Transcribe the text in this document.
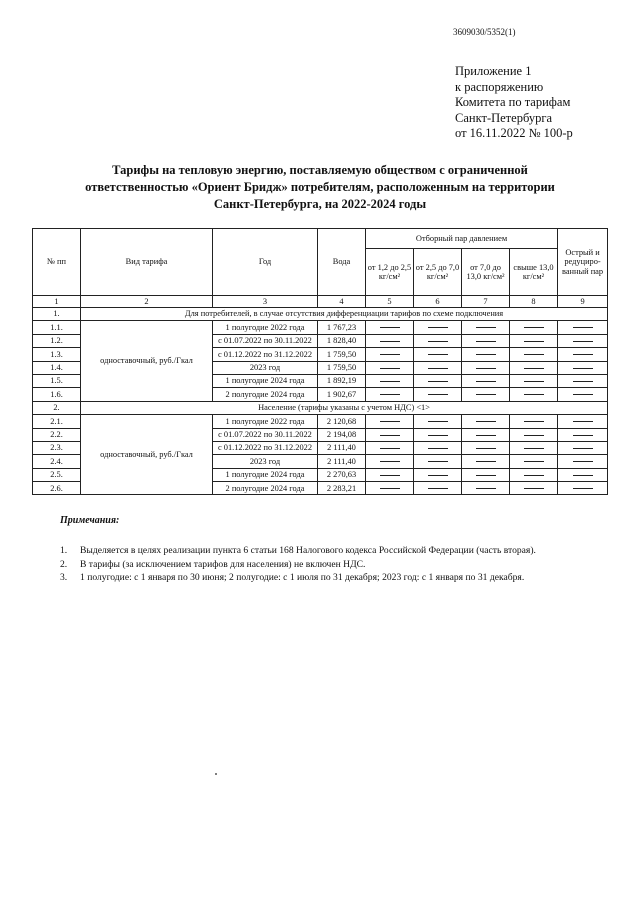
3609030/5352(1)
Приложение 1
к распоряжению
Комитета по тарифам
Санкт-Петербурга
от 16.11.2022 № 100-р
Тарифы на тепловую энергию, поставляемую обществом с ограниченной
ответственностью «Ориент Бридж» потребителям, расположенным на территории
Санкт-Петербурга, на 2022-2024 годы
№ пп	Вид тарифа	Год	Вода	Отборный пар давлением				Острый и редуциро-ванный пар
				от 1,2 до 2,5 кг/см²	от 2,5 до 7,0 кг/см²	от 7,0 до 13,0 кг/см²	свыше 13,0 кг/см²	
1	2	3	4	5	6	7	8	9
1.	Для потребителей, в случае отсутствия дифференциации тарифов по схеме подключения							
1.1.	одноставочный, руб./Гкал	1 полугодие 2022 года	1 767,23					
1.2.		с 01.07.2022 по 30.11.2022	1 828,40					
1.3.		с 01.12.2022 по 31.12.2022	1 759,50					
1.4.		2023 год	1 759,50					
1.5.		1 полугодие 2024 года	1 892,19					
1.6.		2 полугодие 2024 года	1 902,67					
2.	Население (тарифы указаны с учетом НДС) <1>							
2.1.	одноставочный, руб./Гкал	1 полугодие 2022 года	2 120,68					
2.2.		с 01.07.2022 по 30.11.2022	2 194,08					
2.3.		с 01.12.2022 по 31.12.2022	2 111,40					
2.4.		2023 год	2 111,40					
2.5.		1 полугодие 2024 года	2 270,63					
2.6.		2 полугодие 2024 года	2 283,21					
Примечания:
1. Выделяется в целях реализации пункта 6 статьи 168 Налогового кодекса Российской Федерации (часть вторая).
2. В тарифы (за исключением тарифов для населения) не включен НДС.
3. 1 полугодие: с 1 января по 30 июня; 2 полугодие: с 1 июля по 31 декабря; 2023 год: с 1 января по 31 декабря.
